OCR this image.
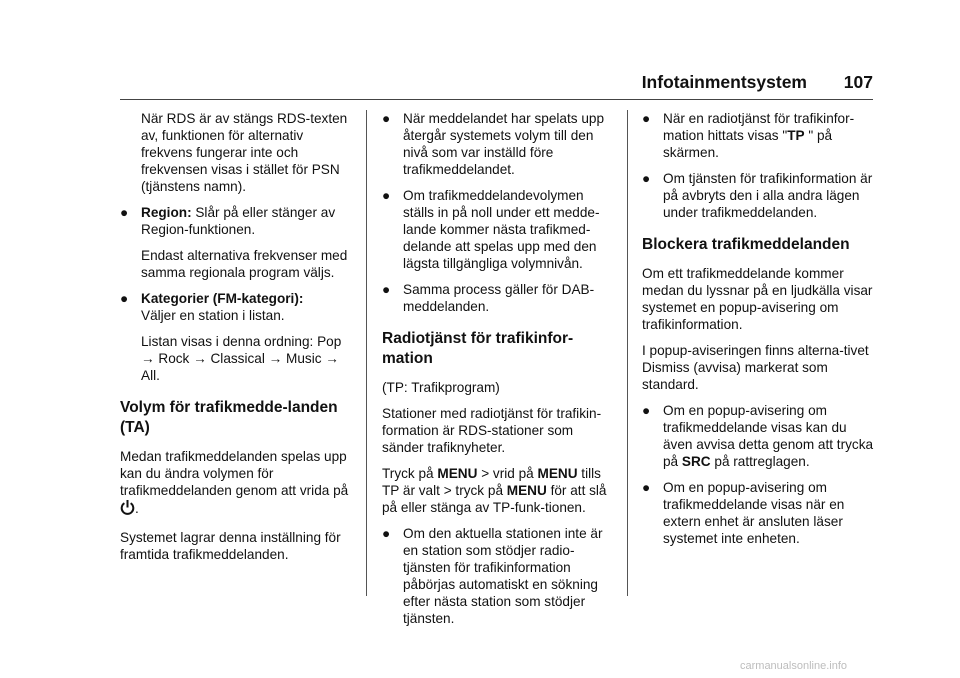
Infotainmentsystem 107

När RDS är av stängs RDS-texten av, funktionen för alternativ frekvens fungerar inte och frekvensen visas i stället för PSN (tjänstens namn).

● Region: Slår på eller stänger av Region-funktionen.

Endast alternativa frekvenser med samma regionala program väljs.

● Kategorier (FM-kategori):
Väljer en station i listan.

Listan visas i denna ordning: Pop → Rock → Classical → Music → All.

Volym för trafikmedde-landen (TA)

Medan trafikmeddelanden spelas upp kan du ändra volymen för trafikmeddelanden genom att vrida på .

Systemet lagrar denna inställning för framtida trafikmeddelanden.

● När meddelandet har spelats upp återgår systemets volym till den nivå som var inställd före trafikmeddelandet.
● Om trafikmeddelandevolymen ställs in på noll under ett medde-lande kommer nästa trafikmed-delande att spelas upp med den lägsta tillgängliga volymnivån.
● Samma process gäller för DAB-meddelanden.
Radiotjänst för trafikinfor-mation

(TP: Trafikprogram)

Stationer med radiotjänst för trafikin-formation är RDS-stationer som sänder trafiknyheter.

Tryck på MENU > vrid på MENU tills TP är valt > tryck på MENU för att slå på eller stänga av TP-funk-tionen.

● Om den aktuella stationen inte är en station som stödjer radio-tjänsten för trafikinformation påbörjas automatiskt en sökning efter nästa station som stödjer tjänsten.
● När en radiotjänst för trafikinfor-mation hittats visas "TP " på skärmen.
● Om tjänsten för trafikinformation är på avbryts den i alla andra lägen under trafikmeddelanden.
Blockera trafikmeddelanden

Om ett trafikmeddelande kommer medan du lyssnar på en ljudkälla visar systemet en popup-avisering om trafikinformation.

I popup-aviseringen finns alterna-tivet Dismiss (avvisa) markerat som standard.

● Om en popup-avisering om trafikmeddelande visas kan du även avvisa detta genom att trycka på SRC på rattreglagen.
● Om en popup-avisering om trafikmeddelande visas när en extern enhet är ansluten läser systemet inte enheten.
carmanualsonline.info
